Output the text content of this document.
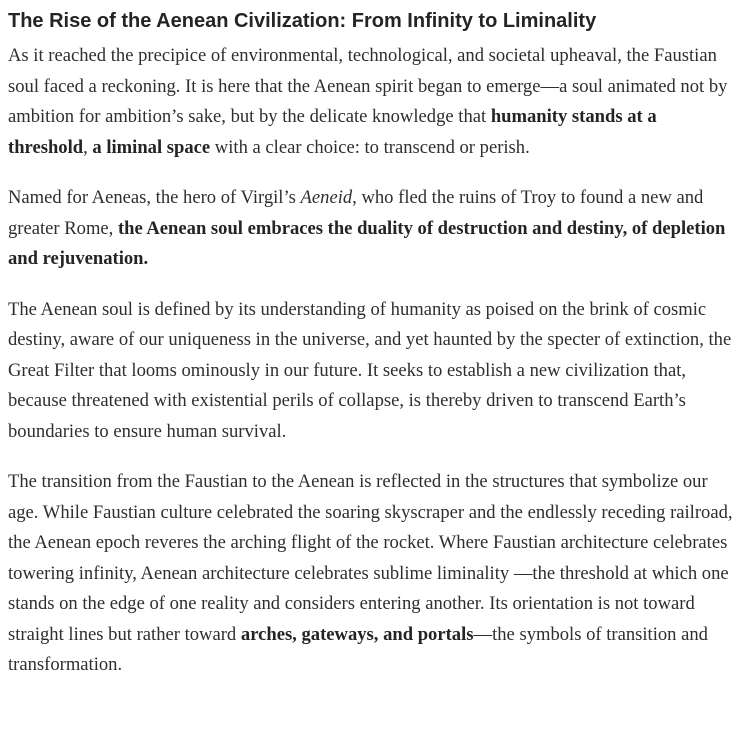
The Rise of the Aenean Civilization: From Infinity to Liminality

As it reached the precipice of environmental, technological, and societal upheaval, the Faustian soul faced a reckoning. It is here that the Aenean spirit began to emerge—a soul animated not by ambition for ambition’s sake, but by the delicate knowledge that humanity stands at a threshold, a liminal space with a clear choice: to transcend or perish.

Named for Aeneas, the hero of Virgil’s Aeneid, who fled the ruins of Troy to found a new and greater Rome, the Aenean soul embraces the duality of destruction and destiny, of depletion and rejuvenation.

The Aenean soul is defined by its understanding of humanity as poised on the brink of cosmic destiny, aware of our uniqueness in the universe, and yet haunted by the specter of extinction, the Great Filter that looms ominously in our future. It seeks to establish a new civilization that, because threatened with existential perils of collapse, is thereby driven to transcend Earth’s boundaries to ensure human survival.

The transition from the Faustian to the Aenean is reflected in the structures that symbolize our age. While Faustian culture celebrated the soaring skyscraper and the endlessly receding railroad, the Aenean epoch reveres the arching flight of the rocket. Where Faustian architecture celebrates towering infinity, Aenean architecture celebrates sublime liminality —the threshold at which one stands on the edge of one reality and considers entering another. Its orientation is not toward straight lines but rather toward arches, gateways, and portals—the symbols of transition and transformation.
